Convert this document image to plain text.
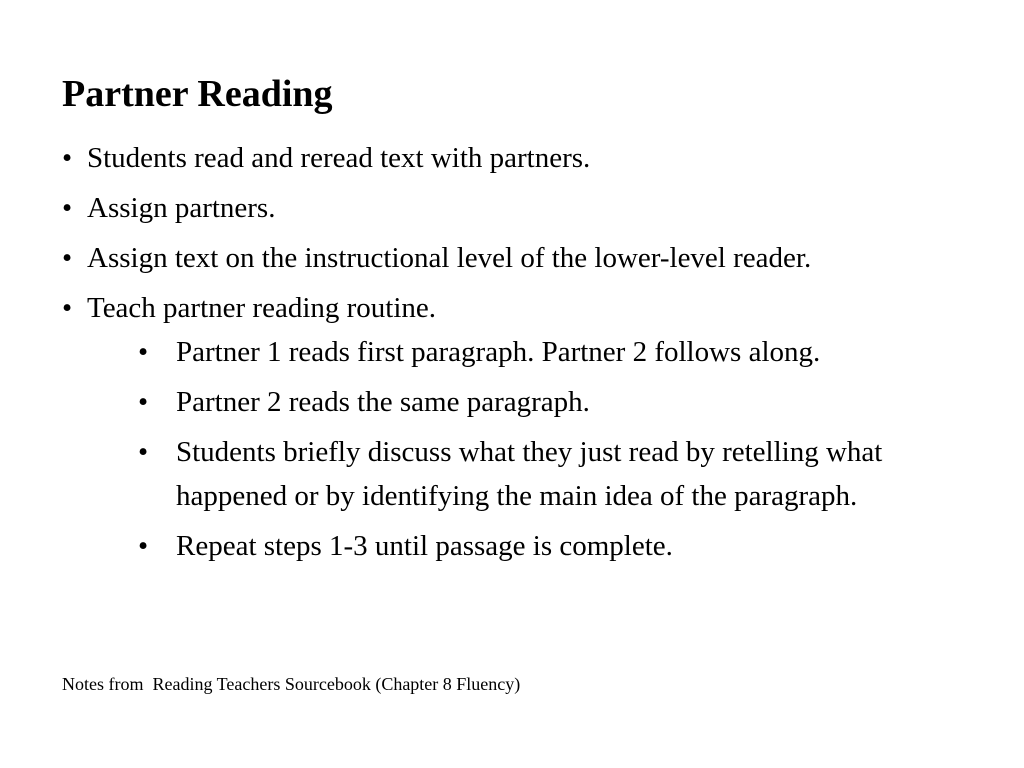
Partner Reading
• Students read and reread text with partners.
• Assign partners.
• Assign text on the instructional level of the lower-level reader.
• Teach partner reading routine.
• Partner 1 reads first paragraph. Partner 2 follows along.
• Partner 2 reads the same paragraph.
• Students briefly discuss what they just read by retelling what happened or by identifying the main idea of the paragraph.
• Repeat steps 1-3 until passage is complete.

Notes from  Reading Teachers Sourcebook (Chapter 8 Fluency)
